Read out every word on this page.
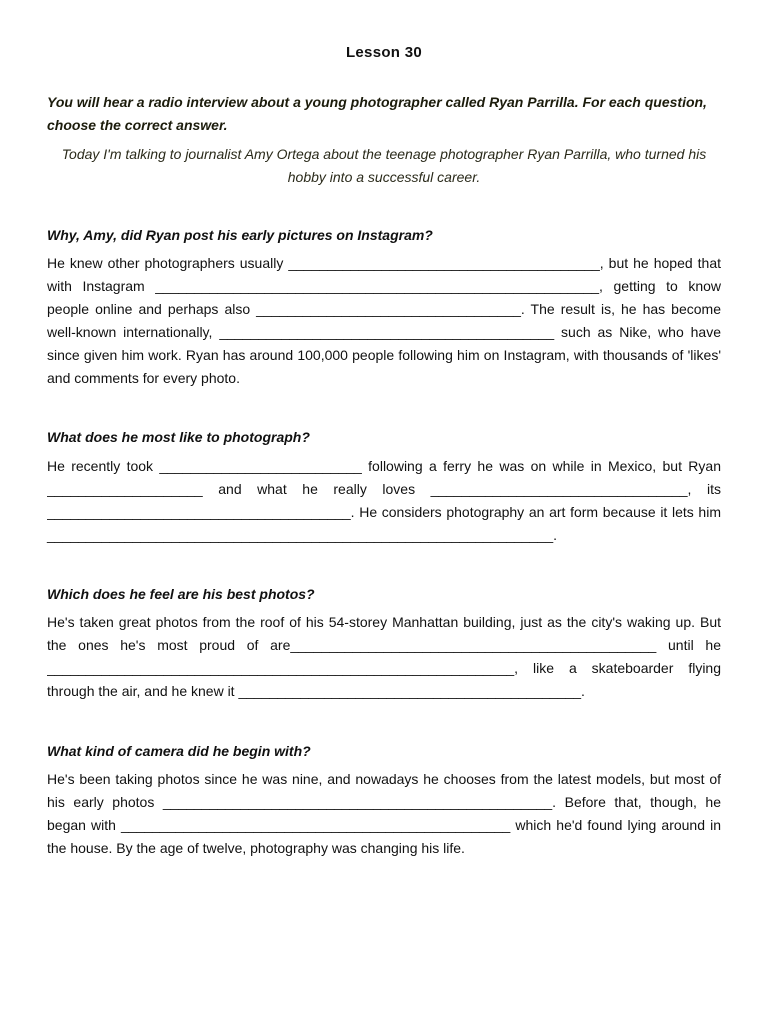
Lesson 30
You will hear a radio interview about a young photographer called Ryan Parrilla. For each question, choose the correct answer.
Today I'm talking to journalist Amy Ortega about the teenage photographer Ryan Parrilla, who turned his hobby into a successful career.
Why, Amy, did Ryan post his early pictures on Instagram?
He knew other photographers usually ________________________________________, but he hoped that
with Instagram _________________________________________________________, getting to know
people online and perhaps also __________________________________. The result is, he has become
well-known internationally, ___________________________________________ such as Nike, who have
since given him work. Ryan has around 100,000 people following him on Instagram, with thousands of 'likes'
and comments for every photo.
What does he most like to photograph?
He recently took __________________________ following a ferry he was on while in Mexico, but Ryan
____________________ and what he really loves _________________________________, its
_______________________________________. He considers photography an art form because it lets him
_________________________________________________________________.
Which does he feel are his best photos?
He's taken great photos from the roof of his 54-storey Manhattan building, just as the city's waking up. But
the ones he's most proud of are_______________________________________________ until he
____________________________________________________________, like a skateboarder flying
through the air, and he knew it ____________________________________________.
What kind of camera did he begin with?
He's been taking photos since he was nine, and nowadays he chooses from the latest models, but most of
his early photos __________________________________________________. Before that, though, he
began with __________________________________________________ which he'd found lying around in
the house. By the age of twelve, photography was changing his life.
